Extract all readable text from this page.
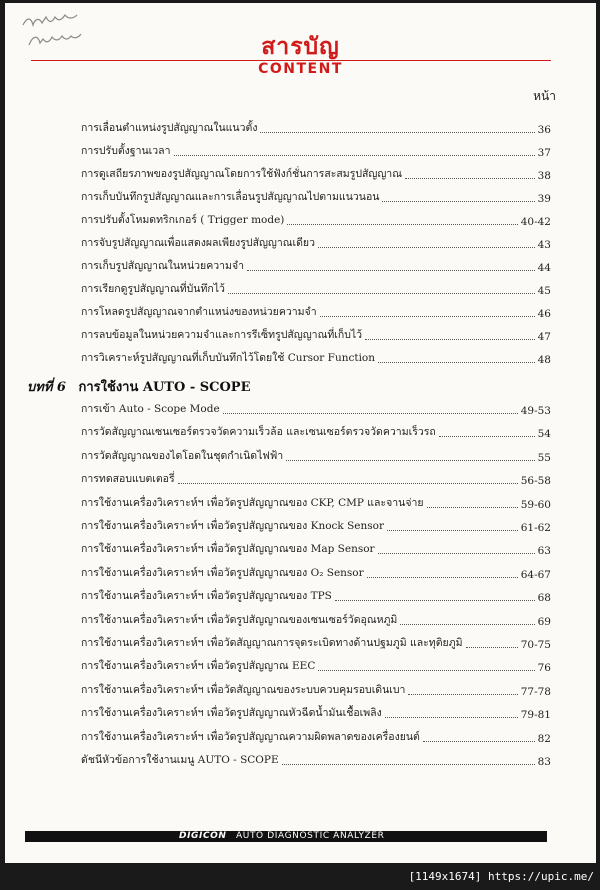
สารบัญ
CONTENT
หน้า
การเลื่อนตำแหน่งรูปสัญญาณในแนวตั้ง	36
การปรับตั้งฐานเวลา	37
การดูเสถียรภาพของรูปสัญญาณโดยการใช้ฟังก์ชั่นการสะสมรูปสัญญาณ	38
การเก็บบันทึกรูปสัญญาณและการเลื่อนรูปสัญญาณไปตามแนวนอน	39
การปรับตั้งโหมดทริกเกอร์ ( Trigger mode)	40-42
การจับรูปสัญญาณเพื่อแสดงผลเพียงรูปสัญญาณเดียว	43
การเก็บรูปสัญญาณในหน่วยความจำ	44
การเรียกดูรูปสัญญาณที่บันทึกไว้	45
การโหลดรูปสัญญาณจากตำแหน่งของหน่วยความจำ	46
การลบข้อมูลในหน่วยความจำและการรีเซ็ทรูปสัญญาณที่เก็บไว้	47
การวิเคราะห์รูปสัญญาณที่เก็บบันทึกไว้โดยใช้ Cursor Function	48
บทที่ 6 การใช้งาน AUTO - SCOPE
การเข้า Auto - Scope Mode	49-53
การวัดสัญญาณเซนเซอร์ตรวจวัดความเร็วล้อ และเซนเซอร์ตรวจวัดความเร็วรถ	54
การวัดสัญญาณของไดโอดในชุดกำเนิดไฟฟ้า	55
การทดสอบแบตเตอรี่	56-58
การใช้งานเครื่องวิเคราะห์ฯ เพื่อวัดรูปสัญญาณของ CKP, CMP และจานจ่าย	59-60
การใช้งานเครื่องวิเคราะห์ฯ เพื่อวัดรูปสัญญาณของ Knock Sensor	61-62
การใช้งานเครื่องวิเคราะห์ฯ เพื่อวัดรูปสัญญาณของ Map Sensor	63
การใช้งานเครื่องวิเคราะห์ฯ เพื่อวัดรูปสัญญาณของ O₂ Sensor	64-67
การใช้งานเครื่องวิเคราะห์ฯ เพื่อวัดรูปสัญญาณของ TPS	68
การใช้งานเครื่องวิเคราะห์ฯ เพื่อวัดรูปสัญญาณของเซนเซอร์วัดอุณหภูมิ	69
การใช้งานเครื่องวิเคราะห์ฯ เพื่อวัดสัญญาณการจุดระเบิดทางด้านปฐมภูมิ และทุติยภูมิ	70-75
การใช้งานเครื่องวิเคราะห์ฯ เพื่อวัดรูปสัญญาณ EEC	76
การใช้งานเครื่องวิเคราะห์ฯ เพื่อวัดสัญญาณของระบบควบคุมรอบเดินเบา	77-78
การใช้งานเครื่องวิเคราะห์ฯ เพื่อวัดรูปสัญญาณหัวฉีดน้ำมันเชื้อเพลิง	79-81
การใช้งานเครื่องวิเคราะห์ฯ เพื่อวัดรูปสัญญาณความผิดพลาดของเครื่องยนต์	82
ดัชนีหัวข้อการใช้งานเมนู AUTO - SCOPE	83
DIGICON AUTO DIAGNOSTIC ANALYZER
[1149x1674] https://upic.me/
